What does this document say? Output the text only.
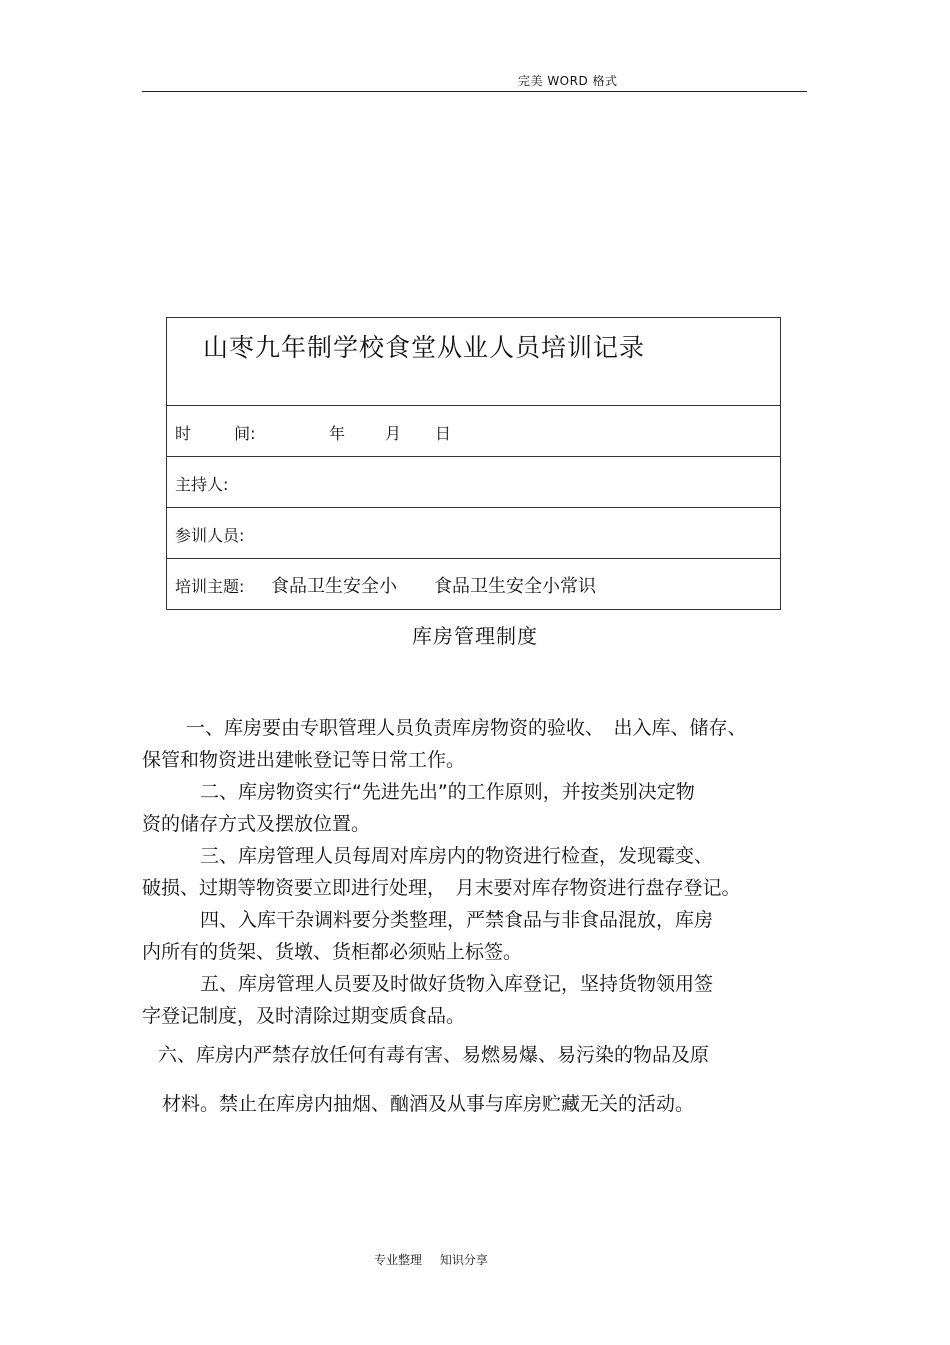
完美 WORD 格式
山枣九年制学校食堂从业人员培训记录
时	间:	年 月 日
主持人:
参训人员:
培训主题: 食品卫生安全小 食品卫生安全小常识
库房管理制度
一、库房要由专职管理人员负责库房物资的验收、　出入库、储存、
保管和物资进出建帐登记等日常工作。
二、库房物资实行“先进先出”的工作原则，并按类别决定物
资的储存方式及摆放位置。
三、库房管理人员每周对库房内的物资进行检查，发现霉变、
破损、过期等物资要立即进行处理，　月末要对库存物资进行盘存登记。
四、入库干杂调料要分类整理，严禁食品与非食品混放，库房
内所有的货架、货墩、货柜都必须贴上标签。
五、库房管理人员要及时做好货物入库登记，坚持货物领用签
字登记制度，及时清除过期变质食品。
六、库房内严禁存放任何有毒有害、易燃易爆、易污染的物品及原
材料。禁止在库房内抽烟、酗酒及从事与库房贮藏无关的活动。
专业整理 知识分享
